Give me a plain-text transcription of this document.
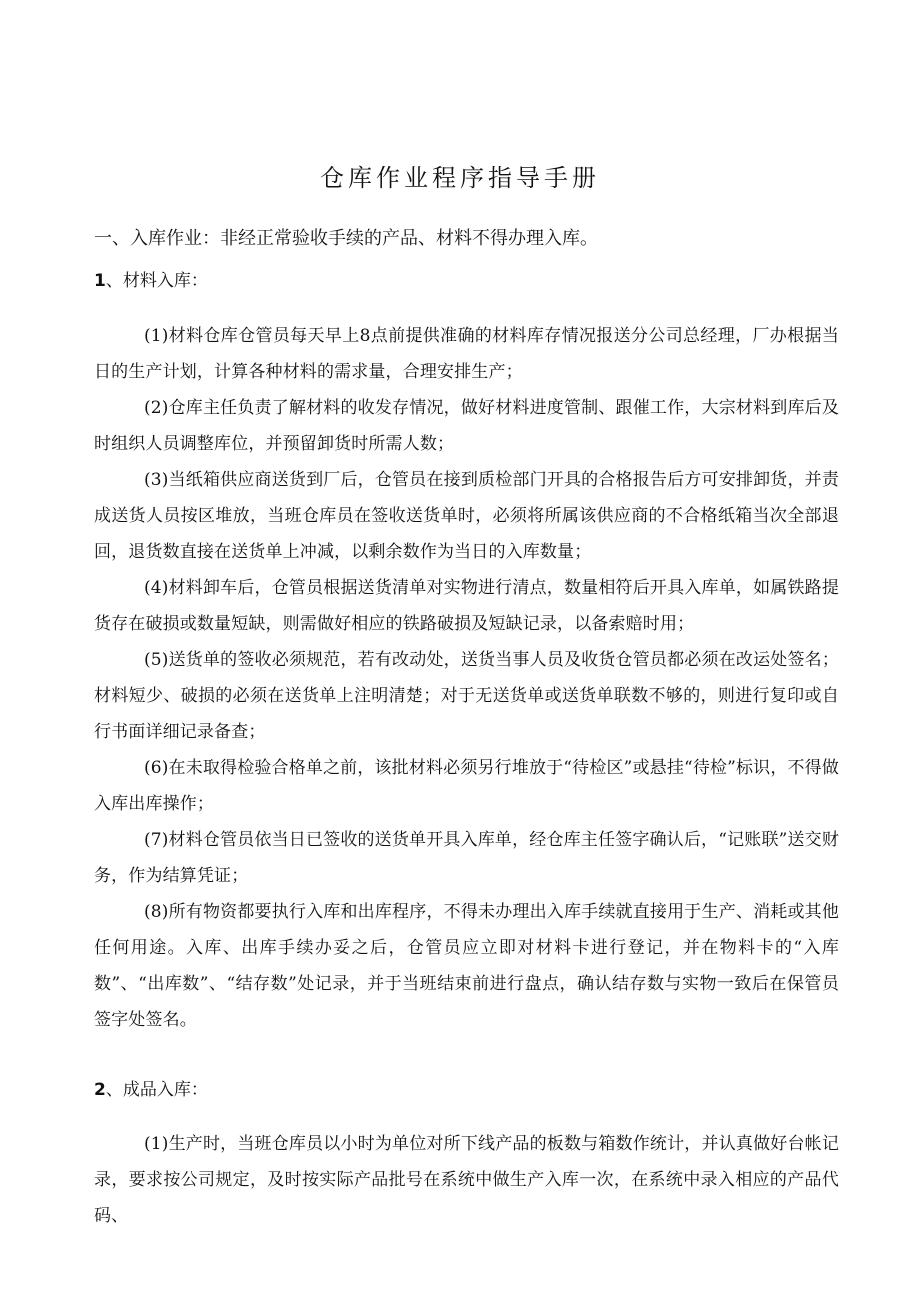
仓库作业程序指导手册
一、入库作业：非经正常验收手续的产品、材料不得办理入库。
1、材料入库：

(1)材料仓库仓管员每天早上8点前提供准确的材料库存情况报送分公司总经理，厂办根据当日的生产计划，计算各种材料的需求量，合理安排生产；

(2)仓库主任负责了解材料的收发存情况，做好材料进度管制、跟催工作，大宗材料到库后及时组织人员调整库位，并预留卸货时所需人数；

(3)当纸箱供应商送货到厂后，仓管员在接到质检部门开具的合格报告后方可安排卸货，并责成送货人员按区堆放，当班仓库员在签收送货单时，必须将所属该供应商的不合格纸箱当次全部退回，退货数直接在送货单上冲减，以剩余数作为当日的入库数量；

(4)材料卸车后，仓管员根据送货清单对实物进行清点，数量相符后开具入库单，如属铁路提货存在破损或数量短缺，则需做好相应的铁路破损及短缺记录，以备索赔时用；

(5)送货单的签收必须规范，若有改动处，送货当事人员及收货仓管员都必须在改运处签名；材料短少、破损的必须在送货单上注明清楚；对于无送货单或送货单联数不够的，则进行复印或自行书面详细记录备查；

(6)在未取得检验合格单之前，该批材料必须另行堆放于“待检区”或悬挂“待检”标识，不得做入库出库操作；

(7)材料仓管员依当日已签收的送货单开具入库单，经仓库主任签字确认后，“记账联”送交财务，作为结算凭证；

(8)所有物资都要执行入库和出库程序，不得未办理出入库手续就直接用于生产、消耗或其他任何用途。入库、出库手续办妥之后，仓管员应立即对材料卡进行登记，并在物料卡的“入库数”、“出库数”、“结存数”处记录，并于当班结束前进行盘点，确认结存数与实物一致后在保管员签字处签名。

2、成品入库：

(1)生产时，当班仓库员以小时为单位对所下线产品的板数与箱数作统计，并认真做好台帐记录，要求按公司规定，及时按实际产品批号在系统中做生产入库一次，在系统中录入相应的产品代码、
